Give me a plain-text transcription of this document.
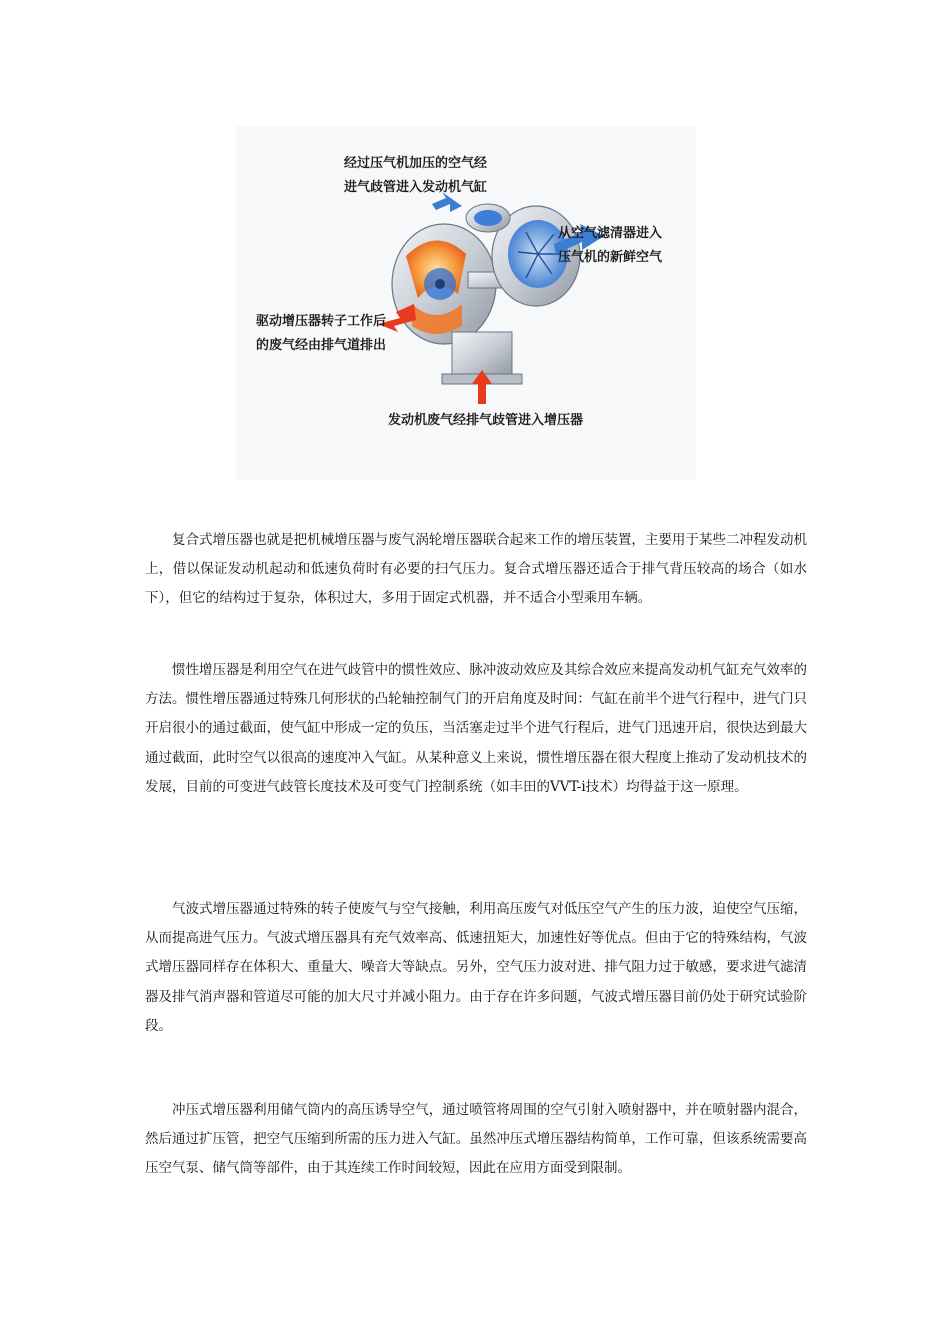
经过压气机加压的空气经
进气歧管进入发动机气缸
从空气滤清器进入
压气机的新鲜空气
驱动增压器转子工作后
的废气经由排气道排出
发动机废气经排气歧管进入增压器

复合式增压器也就是把机械增压器与废气涡轮增压器联合起来工作的增压装置，主要用于某些二冲程发动机上，借以保证发动机起动和低速负荷时有必要的扫气压力。复合式增压器还适合于排气背压较高的场合（如水下），但它的结构过于复杂，体积过大，多用于固定式机器，并不适合小型乘用车辆。

惯性增压器是利用空气在进气歧管中的惯性效应、脉冲波动效应及其综合效应来提高发动机气缸充气效率的方法。惯性增压器通过特殊几何形状的凸轮轴控制气门的开启角度及时间：气缸在前半个进气行程中，进气门只开启很小的通过截面，使气缸中形成一定的负压，当活塞走过半个进气行程后，进气门迅速开启，很快达到最大通过截面，此时空气以很高的速度冲入气缸。从某种意义上来说，惯性增压器在很大程度上推动了发动机技术的发展，目前的可变进气歧管长度技术及可变气门控制系统（如丰田的VVT-i技术）均得益于这一原理。

气波式增压器通过特殊的转子使废气与空气接触，利用高压废气对低压空气产生的压力波，迫使空气压缩，从而提高进气压力。气波式增压器具有充气效率高、低速扭矩大，加速性好等优点。但由于它的特殊结构，气波式增压器同样存在体积大、重量大、噪音大等缺点。另外，空气压力波对进、排气阻力过于敏感，要求进气滤清器及排气消声器和管道尽可能的加大尺寸并减小阻力。由于存在许多问题，气波式增压器目前仍处于研究试验阶段。

冲压式增压器利用储气筒内的高压诱导空气，通过喷管将周围的空气引射入喷射器中，并在喷射器内混合，然后通过扩压管，把空气压缩到所需的压力进入气缸。虽然冲压式增压器结构简单，工作可靠，但该系统需要高压空气泵、储气筒等部件，由于其连续工作时间较短，因此在应用方面受到限制。
